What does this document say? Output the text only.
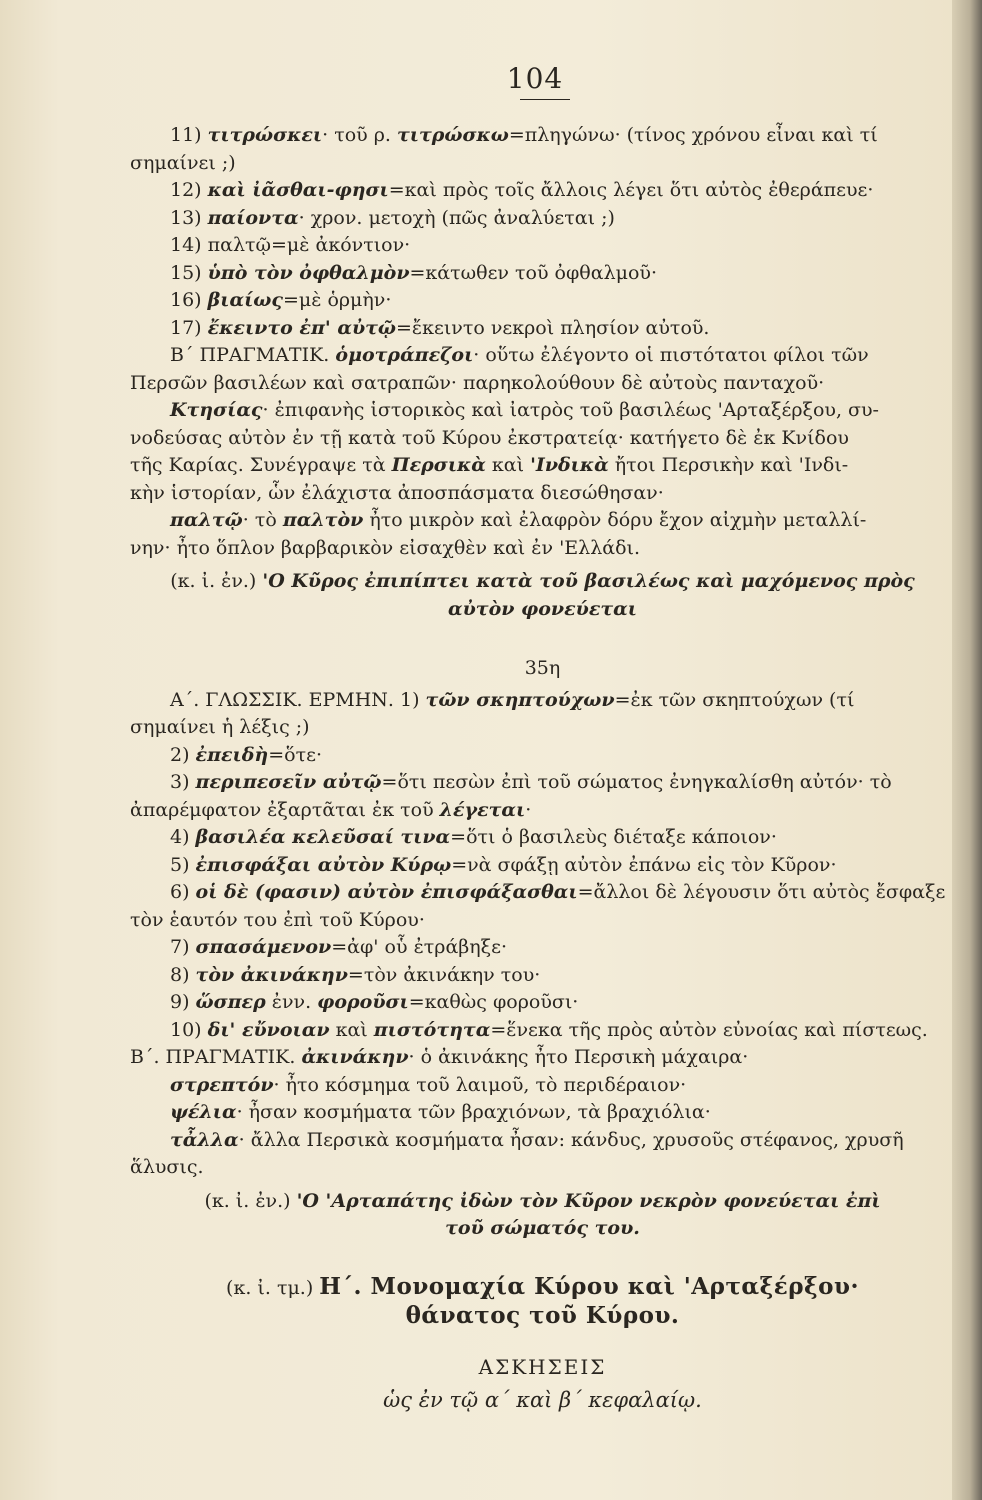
104
11) τιτρώσκει· τοῦ ρ. τιτρώσκω=πληγώνω· (τίνος χρόνου εἶναι καὶ τί
σημαίνει ;)
12) καὶ ἰᾶσθαι-φησι=καὶ πρὸς τοῖς ἄλλοις λέγει ὅτι αὐτὸς ἐθεράπευε·
13) παίοντα· χρον. μετοχὴ (πῶς ἀναλύεται ;)
14) παλτῷ=μὲ ἀκόντιον·
15) ὑπὸ τὸν ὀφθαλμὸν=κάτωθεν τοῦ ὀφθαλμοῦ·
16) βιαίως=μὲ ὁρμὴν·
17) ἔκειντο ἐπ' αὐτῷ=ἔκειντο νεκροὶ πλησίον αὐτοῦ.
Β΄ ΠΡΑΓΜΑΤΙΚ. ὁμοτράπεζοι· οὕτω ἐλέγοντο οἱ πιστότατοι φίλοι τῶν
Περσῶν βασιλέων καὶ σατραπῶν· παρηκολούθουν δὲ αὐτοὺς πανταχοῦ·
Κτησίας· ἐπιφανὴς ἱστορικὸς καὶ ἰατρὸς τοῦ βασιλέως 'Αρταξέρξου, συ-
νοδεύσας αὐτὸν ἐν τῇ κατὰ τοῦ Κύρου ἐκστρατείᾳ· κατήγετο δὲ ἐκ Κνίδου
τῆς Καρίας. Συνέγραψε τὰ Περσικὰ καὶ 'Ινδικὰ ἤτοι Περσικὴν καὶ 'Ινδι-
κὴν ἱστορίαν, ὧν ἐλάχιστα ἀποσπάσματα διεσώθησαν·
παλτῷ· τὸ παλτὸν ἦτο μικρὸν καὶ ἐλαφρὸν δόρυ ἔχον αἰχμὴν μεταλλί-
νην· ἦτο ὅπλον βαρβαρικὸν εἰσαχθὲν καὶ ἐν 'Ελλάδι.
(κ. ἰ. ἐν.) 'Ο Κῦρος ἐπιπίπτει κατὰ τοῦ βασιλέως καὶ μαχόμενος πρὸς
αὐτὸν φονεύεται
35η
Α΄. ΓΛΩΣΣΙΚ. ΕΡΜΗΝ. 1) τῶν σκηπτούχων=ἐκ τῶν σκηπτούχων (τί
σημαίνει ἡ λέξις ;)
2) ἐπειδὴ=ὅτε·
3) περιπεσεῖν αὐτῷ=ὅτι πεσὼν ἐπὶ τοῦ σώματος ἐνηγκαλίσθη αὐτόν· τὸ
ἀπαρέμφατον ἐξαρτᾶται ἐκ τοῦ λέγεται·
4) βασιλέα κελεῦσαί τινα=ὅτι ὁ βασιλεὺς διέταξε κάποιον·
5) ἐπισφάξαι αὐτὸν Κύρῳ=νὰ σφάξῃ αὐτὸν ἐπάνω εἰς τὸν Κῦρον·
6) οἱ δὲ (φασιν) αὐτὸν ἐπισφάξασθαι=ἄλλοι δὲ λέγουσιν ὅτι αὐτὸς ἔσφαξε
τὸν ἑαυτόν του ἐπὶ τοῦ Κύρου·
7) σπασάμενον=ἀφ' οὗ ἐτράβηξε·
8) τὸν ἀκινάκην=τὸν ἀκινάκην του·
9) ὥσπερ ἐνν. φοροῦσι=καθὼς φοροῦσι·
10) δι' εὔνοιαν καὶ πιστότητα=ἕνεκα τῆς πρὸς αὐτὸν εὐνοίας καὶ πίστεως.
Β΄. ΠΡΑΓΜΑΤΙΚ. ἀκινάκην· ὁ ἀκινάκης ἦτο Περσικὴ μάχαιρα·
στρεπτόν· ἦτο κόσμημα τοῦ λαιμοῦ, τὸ περιδέραιον·
ψέλια· ἦσαν κοσμήματα τῶν βραχιόνων, τὰ βραχιόλια·
τἆλλα· ἄλλα Περσικὰ κοσμήματα ἦσαν: κάνδυς, χρυσοῦς στέφανος, χρυσῆ
ἅλυσις.
(κ. ἰ. ἐν.) 'Ο 'Αρταπάτης ἰδὼν τὸν Κῦρον νεκρὸν φονεύεται ἐπὶ
τοῦ σώματός του.
(κ. ἰ. τμ.) Η΄. Μονομαχία Κύρου καὶ 'Αρταξέρξου·
θάνατος τοῦ Κύρου.
ΑΣΚΗΣΕΙΣ
ὡς ἐν τῷ α΄ καὶ β΄ κεφαλαίῳ.
